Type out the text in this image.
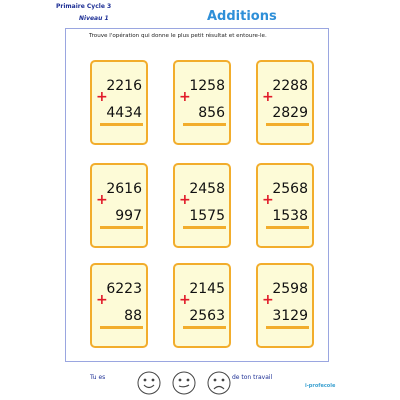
Primaire Cycle 3
Niveau 1	Additions
Trouve l'opération qui donne le plus petit résultat et entoure-le.
2216
+
4434
1258
+
856
2288
+
2829
2616
+
997
2458
+
1575
2568
+
1538
6223
+
88
2145
+
2563
2598
+
3129
Tu es	de ton travail
i-profecole
